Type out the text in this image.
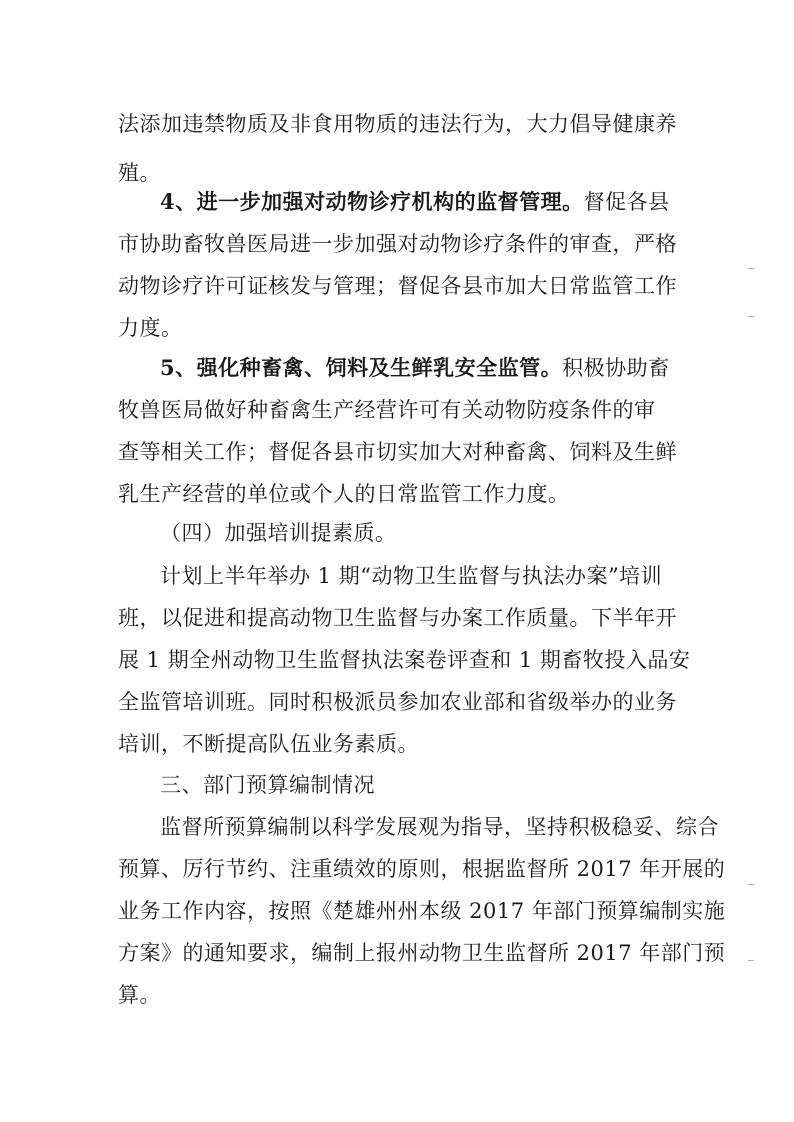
法添加违禁物质及非食用物质的违法行为，大力倡导健康养
殖。
4、进一步加强对动物诊疗机构的监督管理。督促各县
市协助畜牧兽医局进一步加强对动物诊疗条件的审查，严格
动物诊疗许可证核发与管理；督促各县市加大日常监管工作
力度。
5、强化种畜禽、饲料及生鲜乳安全监管。积极协助畜
牧兽医局做好种畜禽生产经营许可有关动物防疫条件的审
查等相关工作；督促各县市切实加大对种畜禽、饲料及生鲜
乳生产经营的单位或个人的日常监管工作力度。
（四）加强培训提素质。
计划上半年举办 1 期“动物卫生监督与执法办案”培训
班，以促进和提高动物卫生监督与办案工作质量。下半年开
展 1 期全州动物卫生监督执法案卷评查和 1 期畜牧投入品安
全监管培训班。同时积极派员参加农业部和省级举办的业务
培训，不断提高队伍业务素质。
三、部门预算编制情况
监督所预算编制以科学发展观为指导，坚持积极稳妥、综合
预算、厉行节约、注重绩效的原则，根据监督所 2017 年开展的
业务工作内容，按照《楚雄州州本级 2017 年部门预算编制实施
方案》的通知要求，编制上报州动物卫生监督所 2017 年部门预
算。
